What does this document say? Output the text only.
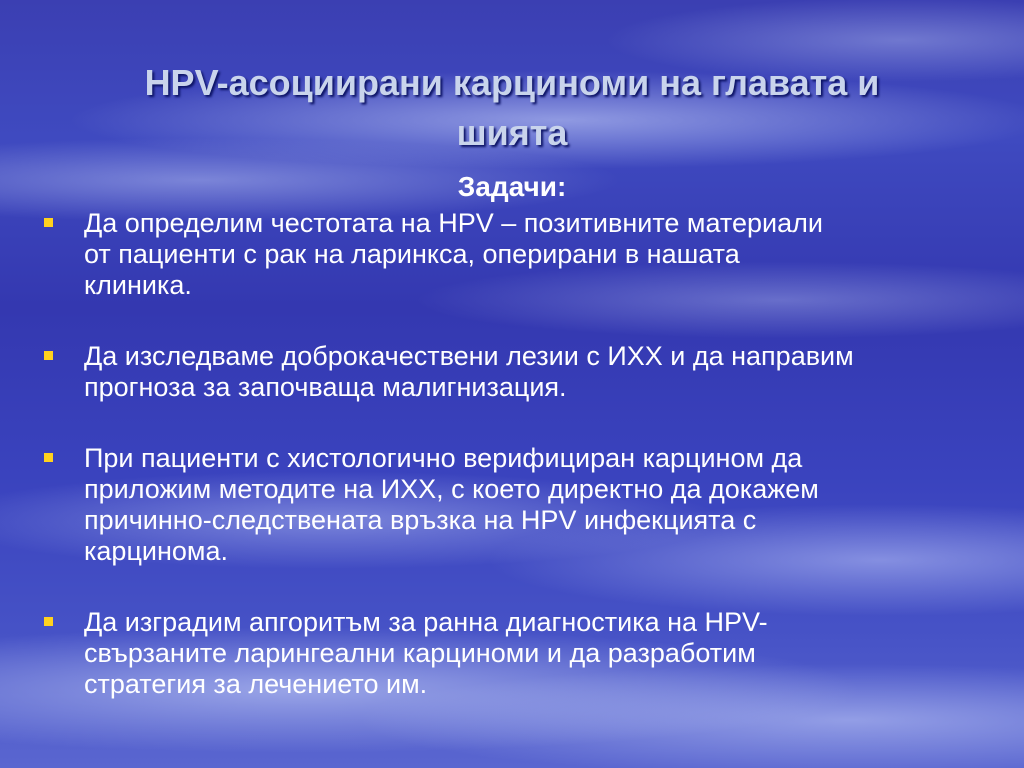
HPV-асоциирани карциноми на главата и
шията
Задачи:
Да определим честотата на HPV – позитивните материали
от пациенти с рак на ларинкса, оперирани в нашата
клиника.
Да изследваме доброкачествени лезии с ИХХ и да направим
прогноза за започваща малигнизация.
При пациенти с хистологично верифициран карцином да
приложим методите на ИХХ, с което директно да докажем
причинно-следствената връзка на HPV инфекцията с
карцинома.
Да изградим апгоритъм за ранна диагностика на HPV-
свързаните ларингеални карциноми и да разработим
стратегия за лечението им.
